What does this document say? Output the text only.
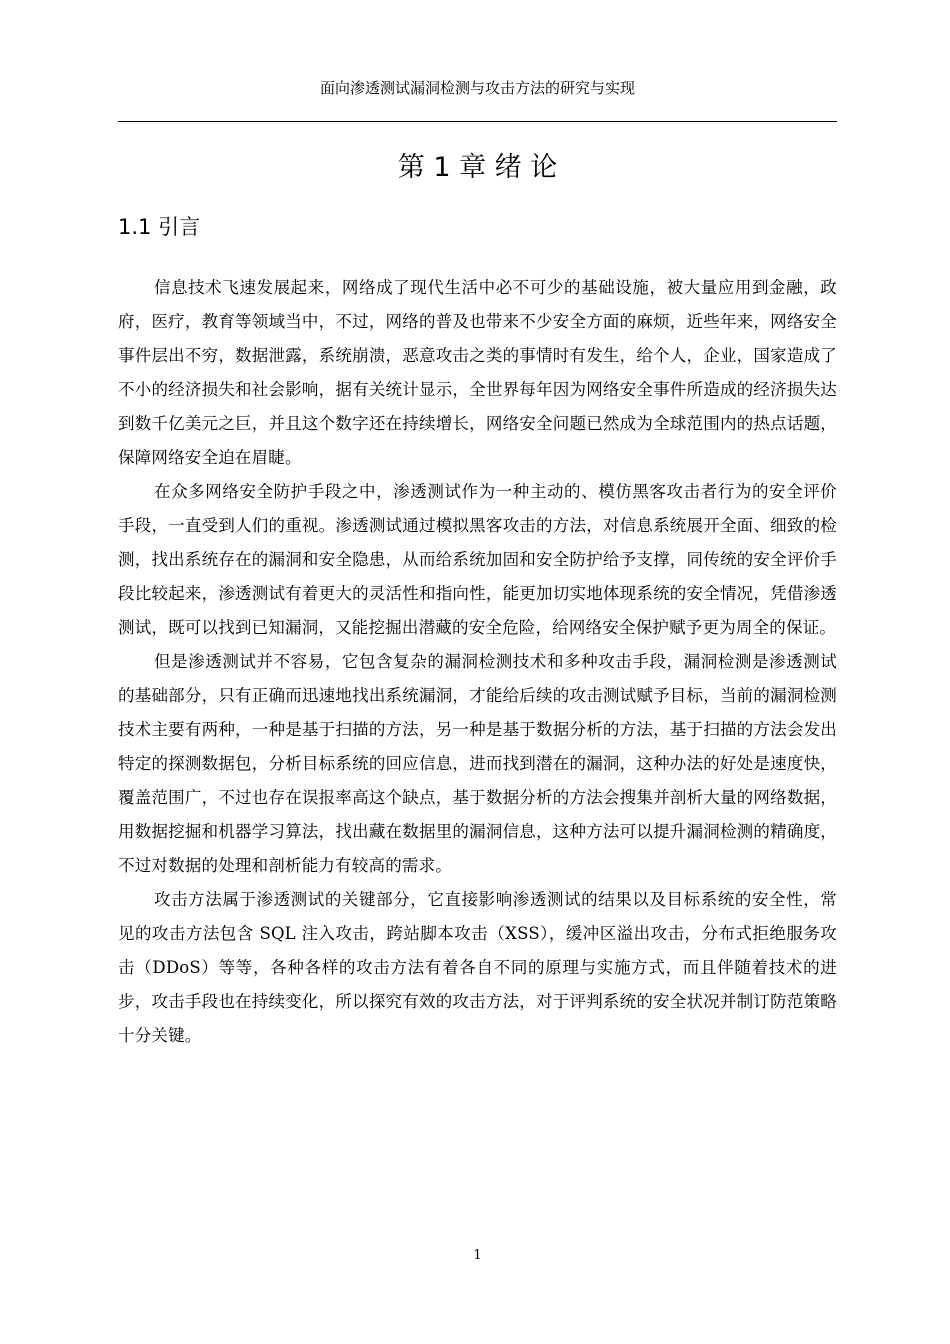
面向渗透测试漏洞检测与攻击方法的研究与实现
第 1 章 绪 论
1.1 引言

信息技术飞速发展起来，网络成了现代生活中必不可少的基础设施，被大量应用到金融，政府，医疗，教育等领域当中，不过，网络的普及也带来不少安全方面的麻烦，近些年来，网络安全事件层出不穷，数据泄露，系统崩溃，恶意攻击之类的事情时有发生，给个人，企业，国家造成了不小的经济损失和社会影响，据有关统计显示，全世界每年因为网络安全事件所造成的经济损失达到数千亿美元之巨，并且这个数字还在持续增长，网络安全问题已然成为全球范围内的热点话题，保障网络安全迫在眉睫。

在众多网络安全防护手段之中，渗透测试作为一种主动的、模仿黑客攻击者行为的安全评价手段，一直受到人们的重视。渗透测试通过模拟黑客攻击的方法，对信息系统展开全面、细致的检测，找出系统存在的漏洞和安全隐患，从而给系统加固和安全防护给予支撑，同传统的安全评价手段比较起来，渗透测试有着更大的灵活性和指向性，能更加切实地体现系统的安全情况，凭借渗透测试，既可以找到已知漏洞，又能挖掘出潜藏的安全危险，给网络安全保护赋予更为周全的保证。

但是渗透测试并不容易，它包含复杂的漏洞检测技术和多种攻击手段，漏洞检测是渗透测试的基础部分，只有正确而迅速地找出系统漏洞，才能给后续的攻击测试赋予目标，当前的漏洞检测技术主要有两种，一种是基于扫描的方法，另一种是基于数据分析的方法，基于扫描的方法会发出特定的探测数据包，分析目标系统的回应信息，进而找到潜在的漏洞，这种办法的好处是速度快，覆盖范围广，不过也存在误报率高这个缺点，基于数据分析的方法会搜集并剖析大量的网络数据，用数据挖掘和机器学习算法，找出藏在数据里的漏洞信息，这种方法可以提升漏洞检测的精确度，不过对数据的处理和剖析能力有较高的需求。

攻击方法属于渗透测试的关键部分，它直接影响渗透测试的结果以及目标系统的安全性，常见的攻击方法包含 SQL 注入攻击，跨站脚本攻击（XSS），缓冲区溢出攻击，分布式拒绝服务攻击（DDoS）等等，各种各样的攻击方法有着各自不同的原理与实施方式，而且伴随着技术的进步，攻击手段也在持续变化，所以探究有效的攻击方法，对于评判系统的安全状况并制订防范策略十分关键。

1
